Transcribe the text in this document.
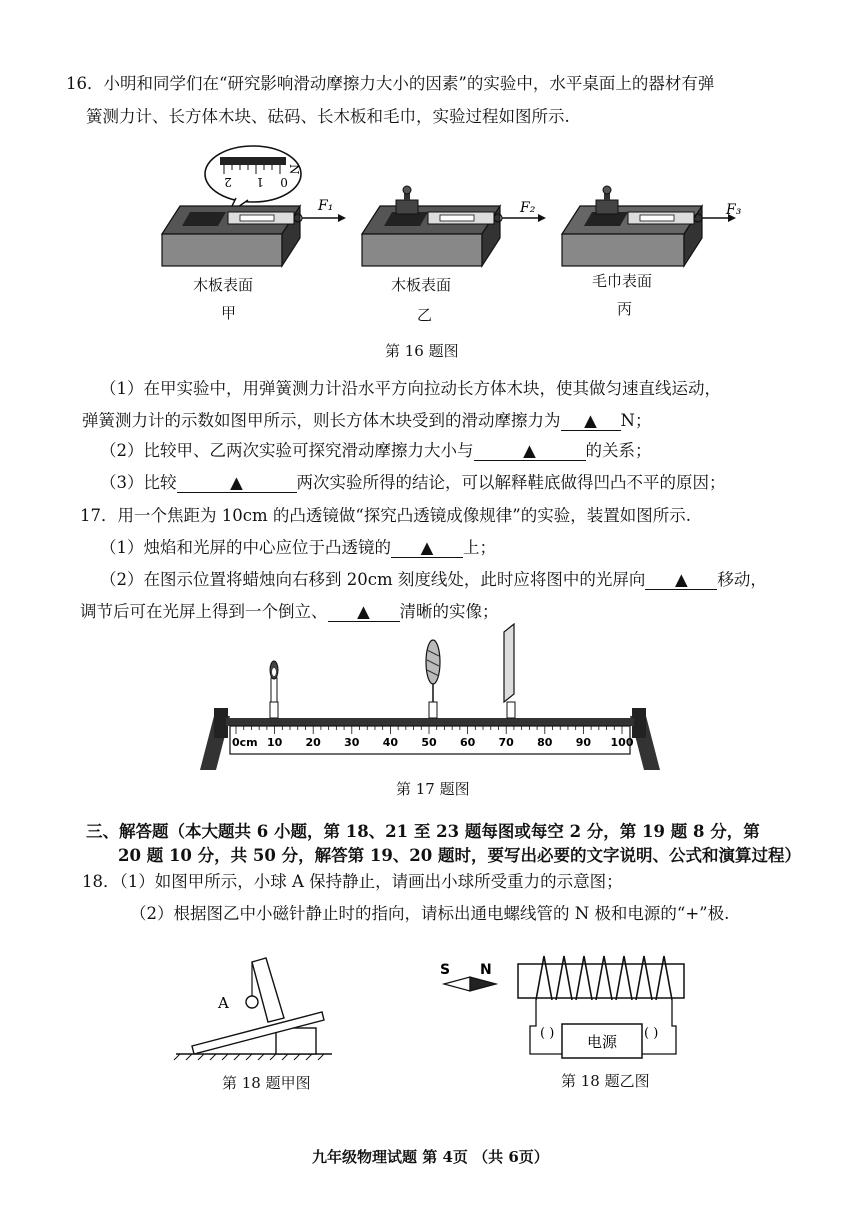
16．小明和同学们在“研究影响滑动摩擦力大小的因素”的实验中，水平桌面上的器材有弹
簧测力计、长方体木块、砝码、长木板和毛巾，实验过程如图所示.
2 1 0
N
F₁	F₂	F₃
木板表面
甲
木板表面
乙
毛巾表面
丙
第 16 题图
（1）在甲实验中，用弹簧测力计沿水平方向拉动长方体木块，使其做匀速直线运动，
弹簧测力计的示数如图甲所示，则长方体木块受到的滑动摩擦力为 ▲ N；
（2）比较甲、乙两次实验可探究滑动摩擦力大小与	▲	的关系；
（3）比较	▲	两次实验所得的结论，可以解释鞋底做得凹凸不平的原因；
17．用一个焦距为 10cm 的凸透镜做“探究凸透镜成像规律”的实验，装置如图所示.
（1）烛焰和光屏的中心应位于凸透镜的 ▲ 上；
（2）在图示位置将蜡烛向右移到 20cm 刻度线处，此时应将图中的光屏向 ▲ 移动，
调节后可在光屏上得到一个倒立、 ▲ 清晰的实像；
0cm 10 20 30 40 50 60 70 80 90 100
第 17 题图
三、解答题（本大题共 6 小题，第 18、21 至 23 题每图或每空 2 分，第 19 题 8 分，第
20 题 10 分，共 50 分，解答第 19、20 题时，要写出必要的文字说明、公式和演算过程）
18．（1）如图甲所示，小球 A 保持静止，请画出小球所受重力的示意图；
（2）根据图乙中小磁针静止时的指向，请标出通电螺线管的 N 极和电源的“+”极.
A
第 18 题甲图
S N
电源
( )	( )
第 18 题乙图
九年级物理试题 第 4页 （共 6页）
